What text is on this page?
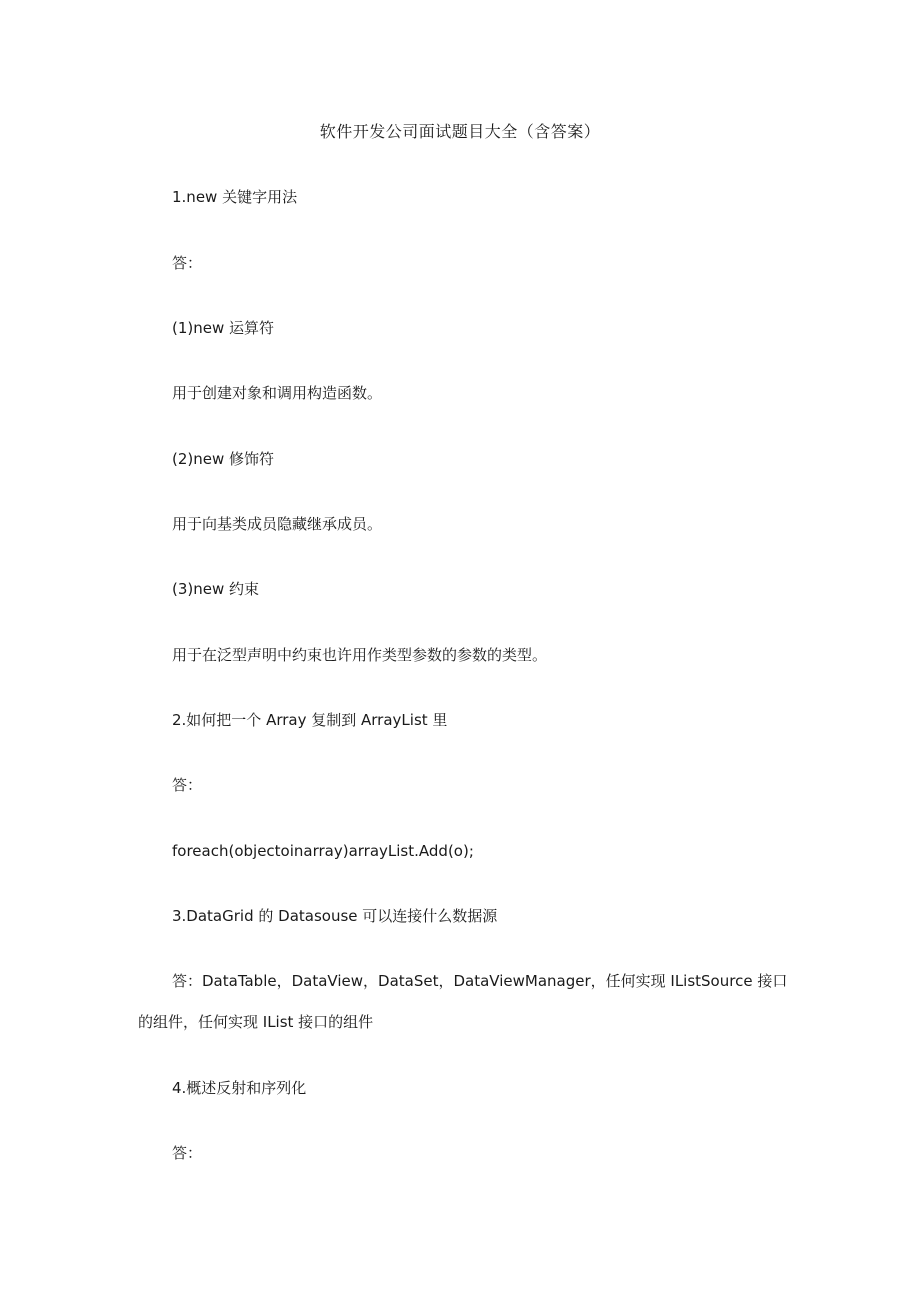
软件开发公司面试题目大全（含答案）
1.new 关键字用法
答：
(1)new 运算符
用于创建对象和调用构造函数。
(2)new 修饰符
用于向基类成员隐藏继承成员。
(3)new 约束
用于在泛型声明中约束也许用作类型参数的参数的类型。
2.如何把一个 Array 复制到 ArrayList 里
答：
foreach(objectoinarray)arrayList.Add(o);
3.DataGrid 的 Datasouse 可以连接什么数据源
答：DataTable，DataView，DataSet，DataViewManager，任何实现 IListSource 接口的组件，任何实现 IList 接口的组件
4.概述反射和序列化
答：
